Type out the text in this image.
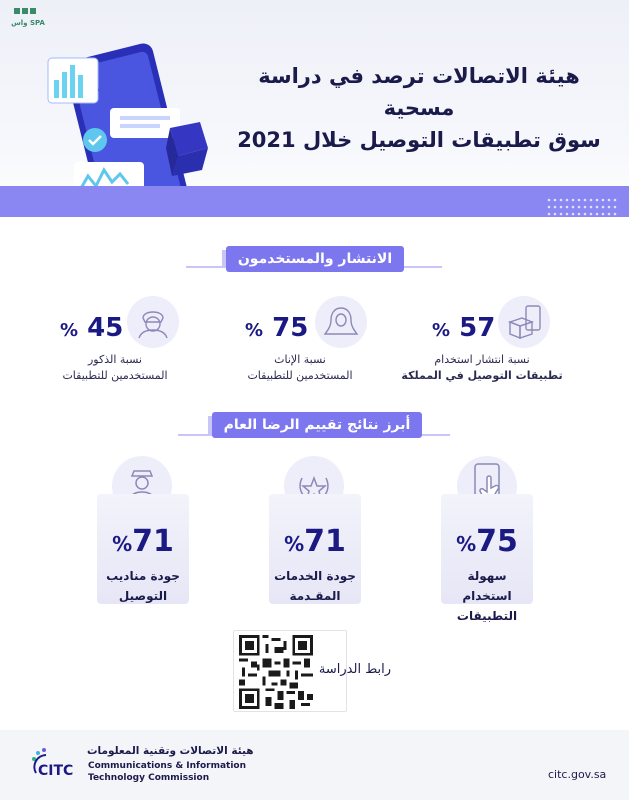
واس SPA
هيئة الاتصالات ترصد في دراسة مسحية
سوق تطبيقات التوصيل خلال 2021
الانتشار والمستخدمون
% 57
نسبة انتشار استخدام
تطبيقات التوصيل في المملكة
% 75
نسبة الإناث
المستخدمين للتطبيقات
% 45
نسبة الذكور
المستخدمين للتطبيقات
أبرز نتائج تقييم الرضا العام
%75
سهولة استخدام
التطبيقات
%71
جودة الخدمات
المقـدمة
%71
جودة مناديب
التوصيل
رابط الدراسة
CITC
هيئة الاتصالات وتقنية المعلومات
Communications & Information
Technology Commission	citc.gov.sa
